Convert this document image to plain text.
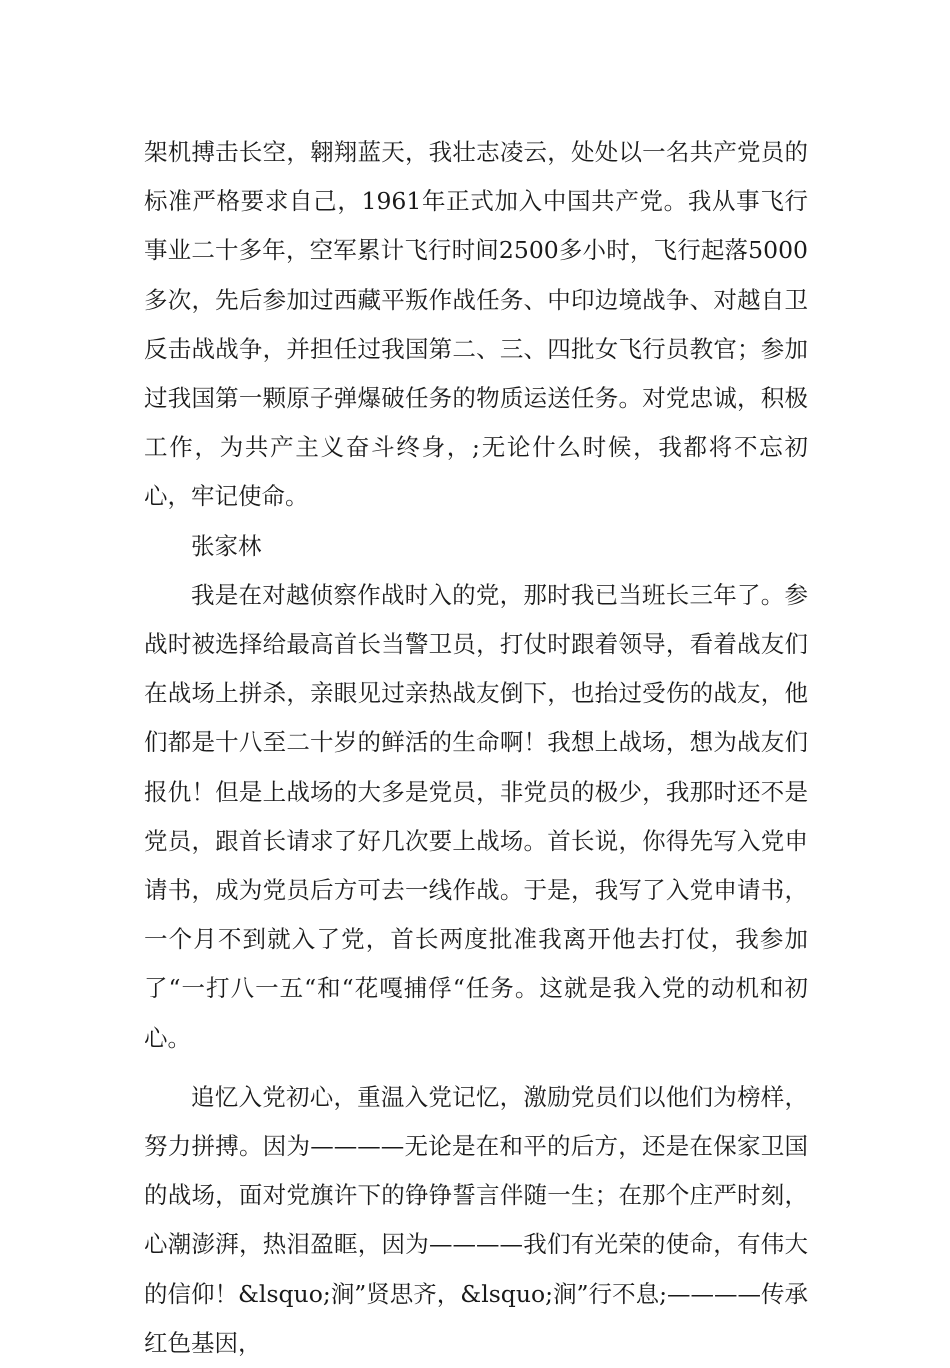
架机搏击长空，翱翔蓝天，我壮志凌云，处处以一名共产党员的标准严格要求自己，1961年正式加入中国共产党。我从事飞行事业二十多年，空军累计飞行时间2500多小时，飞行起落5000多次，先后参加过西藏平叛作战任务、中印边境战争、对越自卫反击战战争，并担任过我国第二、三、四批女飞行员教官；参加过我国第一颗原子弹爆破任务的物质运送任务。对党忠诚，积极工作，为共产主义奋斗终身，;无论什么时候，我都将不忘初心，牢记使命。

张家林

我是在对越侦察作战时入的党，那时我已当班长三年了。参战时被选择给最高首长当警卫员，打仗时跟着领导，看着战友们在战场上拼杀，亲眼见过亲热战友倒下，也抬过受伤的战友，他们都是十八至二十岁的鲜活的生命啊！我想上战场，想为战友们报仇！但是上战场的大多是党员，非党员的极少，我那时还不是党员，跟首长请求了好几次要上战场。首长说，你得先写入党申请书，成为党员后方可去一线作战。于是，我写了入党申请书，一个月不到就入了党，首长两度批准我离开他去打仗，我参加了“一打八一五“和“花嘎捕俘“任务。这就是我入党的动机和初心。

追忆入党初心，重温入党记忆，激励党员们以他们为榜样，努力拼搏。因为————无论是在和平的后方，还是在保家卫国的战场，面对党旗许下的铮铮誓言伴随一生；在那个庄严时刻，心潮澎湃，热泪盈眶，因为————我们有光荣的使命，有伟大的信仰！&lsquo;涧”贤思齐，&lsquo;涧”行不息;————传承红色基因，
